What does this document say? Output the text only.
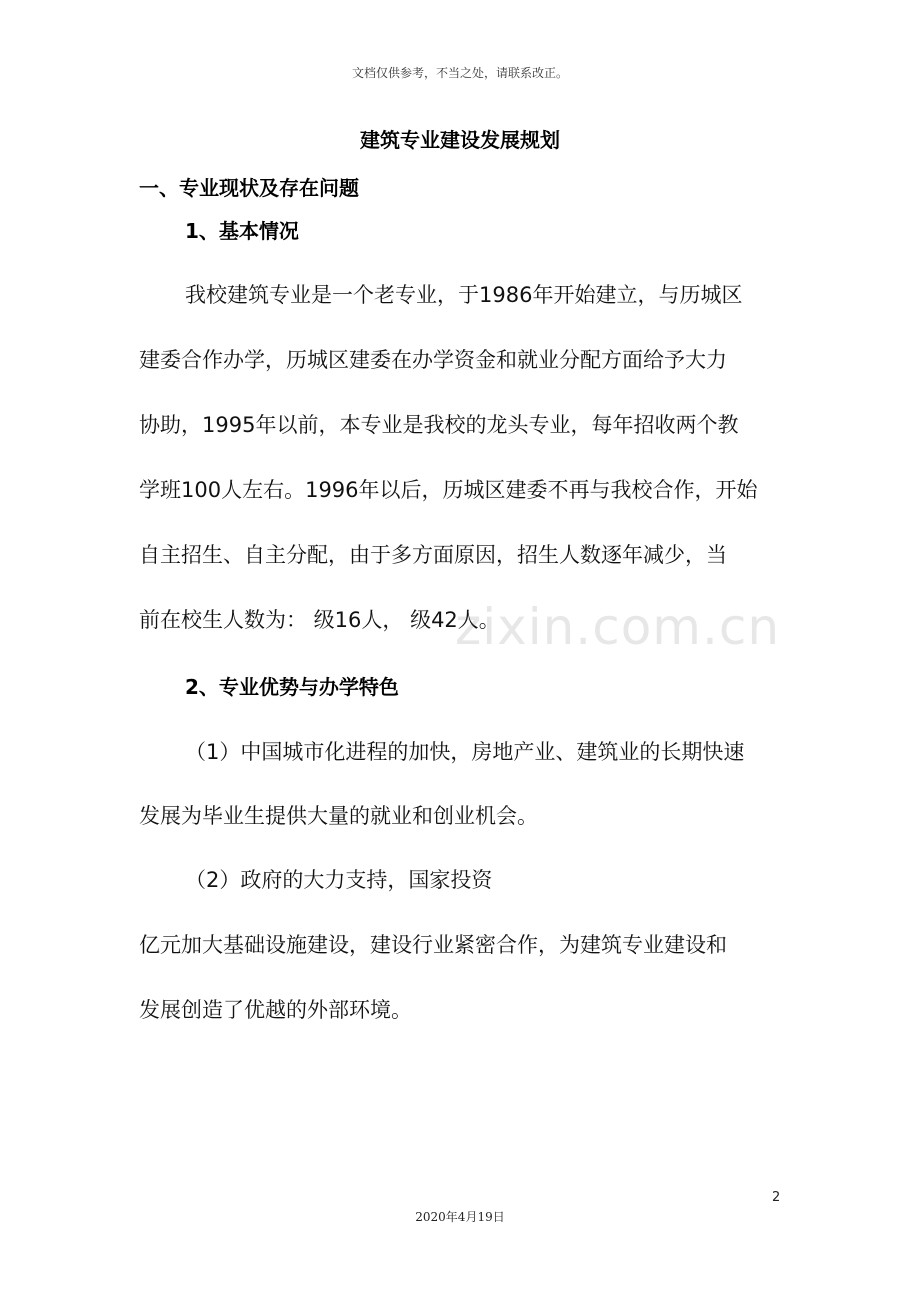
文档仅供参考，不当之处，请联系改正。
建筑专业建设发展规划
一、专业现状及存在问题
1、基本情况
我校建筑专业是一个老专业，于1986年开始建立，与历城区
建委合作办学，历城区建委在办学资金和就业分配方面给予大力
协助，1995年以前，本专业是我校的龙头专业，每年招收两个教
学班100人左右。1996年以后，历城区建委不再与我校合作，开始
自主招生、自主分配，由于多方面原因，招生人数逐年减少，当
前在校生人数为： 级16人， 级42人。
zixin.com.cn
2、专业优势与办学特色
（1）中国城市化进程的加快，房地产业、建筑业的长期快速
发展为毕业生提供大量的就业和创业机会。
（2）政府的大力支持，国家投资
亿元加大基础设施建设，建设行业紧密合作，为建筑专业建设和
发展创造了优越的外部环境。
2
2020年4月19日
